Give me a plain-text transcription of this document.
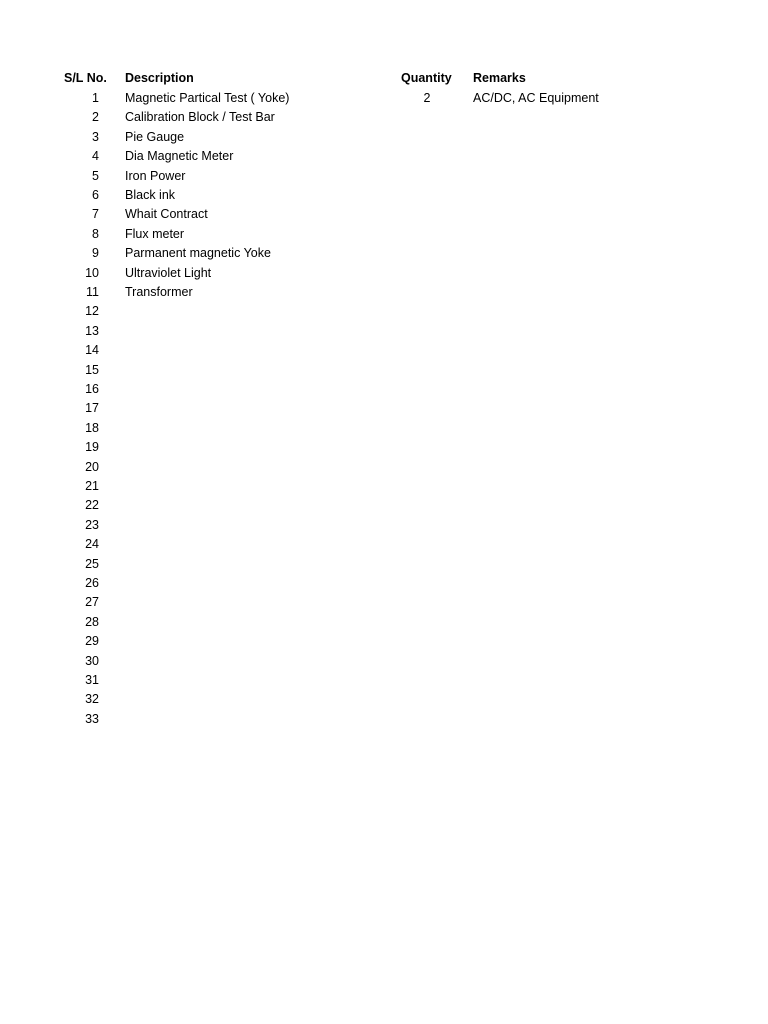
S/L No. Description	Quantity Remarks
1 Magnetic Partical Test ( Yoke)	2	AC/DC, AC Equipment
2 Calibration Block / Test Bar
3 Pie Gauge
4 Dia Magnetic Meter
5 Iron Power
6 Black ink
7 Whait Contract
8 Flux meter
9 Parmanent magnetic Yoke
10 Ultraviolet Light
11 Transformer
12
13
14
15
16
17
18
19
20
21
22
23
24
25
26
27
28
29
30
31
32
33
